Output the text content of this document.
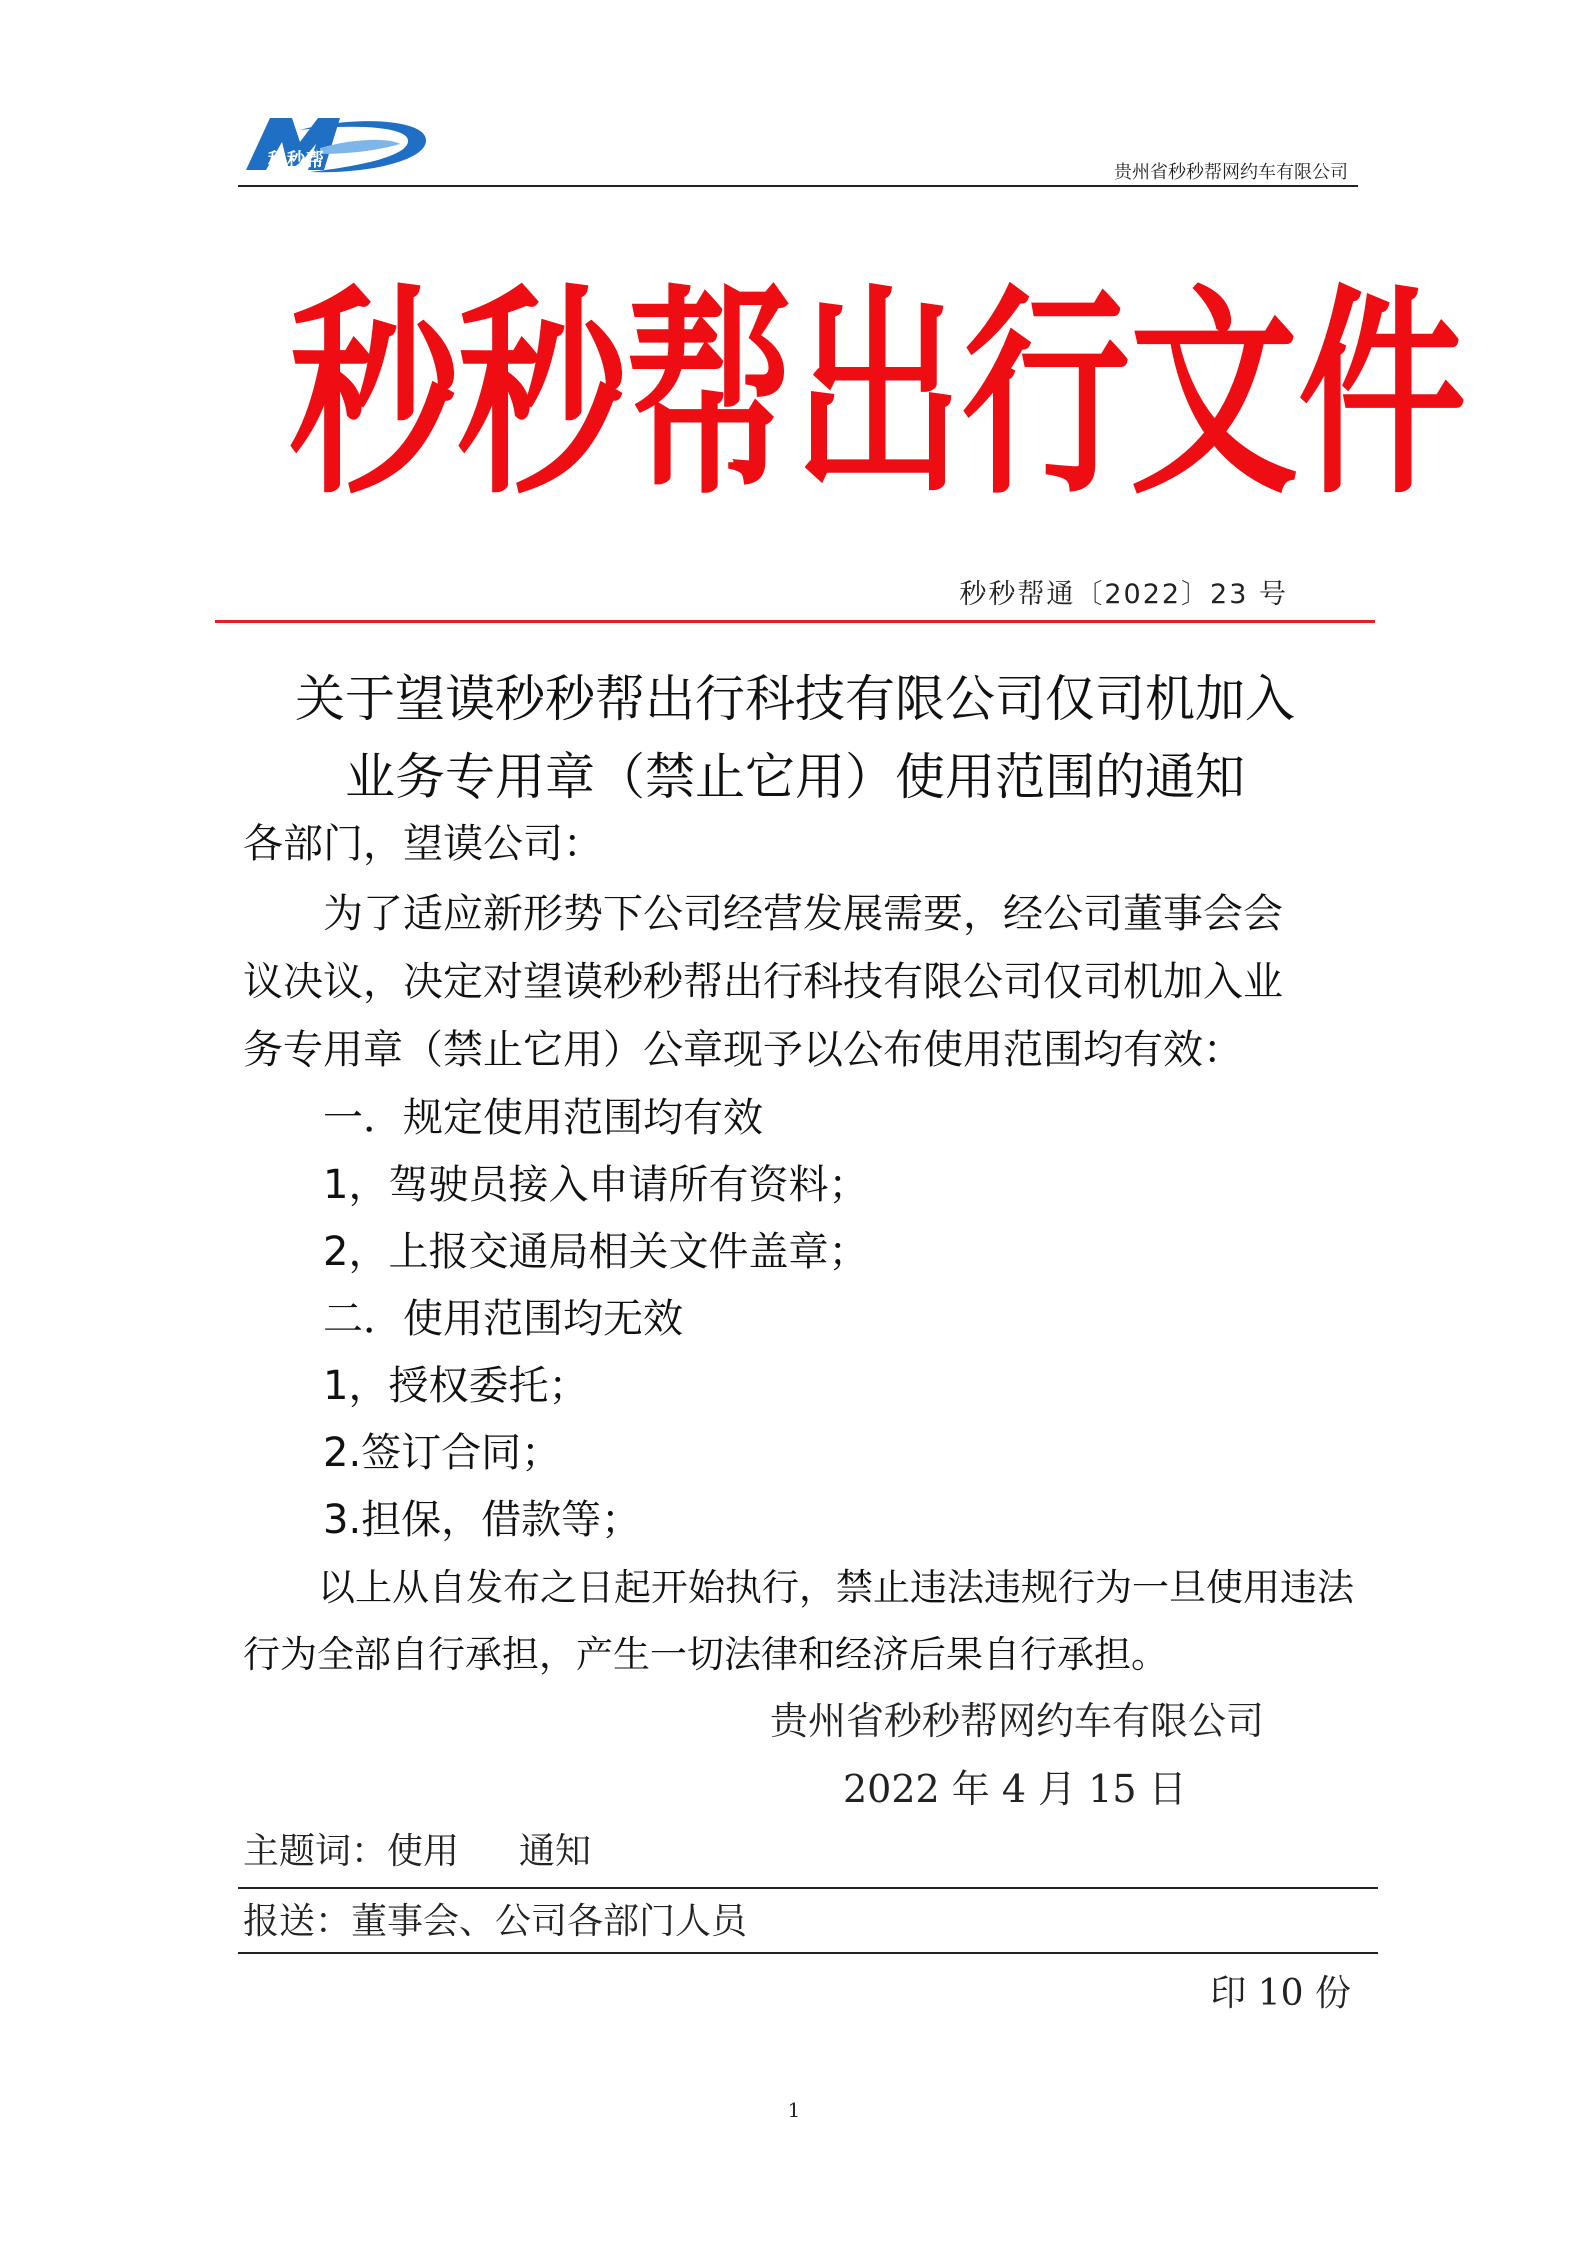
秒秒帮
贵州省秒秒帮网约车有限公司
秒 秒 帮 出 行 文 件
秒秒帮通〔2022〕23 号
关于望谟秒秒帮出行科技有限公司仅司机加入
业务专用章（禁止它用）使用范围的通知
各部门，望谟公司：
为了适应新形势下公司经营发展需要，经公司董事会会
议决议，决定对望谟秒秒帮出行科技有限公司仅司机加入业
务专用章（禁止它用）公章现予以公布使用范围均有效：
一．规定使用范围均有效
1，驾驶员接入申请所有资料；
2，上报交通局相关文件盖章；
二．使用范围均无效
1，授权委托；
2.签订合同；
3.担保，借款等；
以上从自发布之日起开始执行，禁止违法违规行为一旦使用违法
行为全部自行承担，产生一切法律和经济后果自行承担。
贵州省秒秒帮网约车有限公司
2022 年 4 月 15 日
主题词：使用 通知
报送：董事会、公司各部门人员
印 10 份
1
